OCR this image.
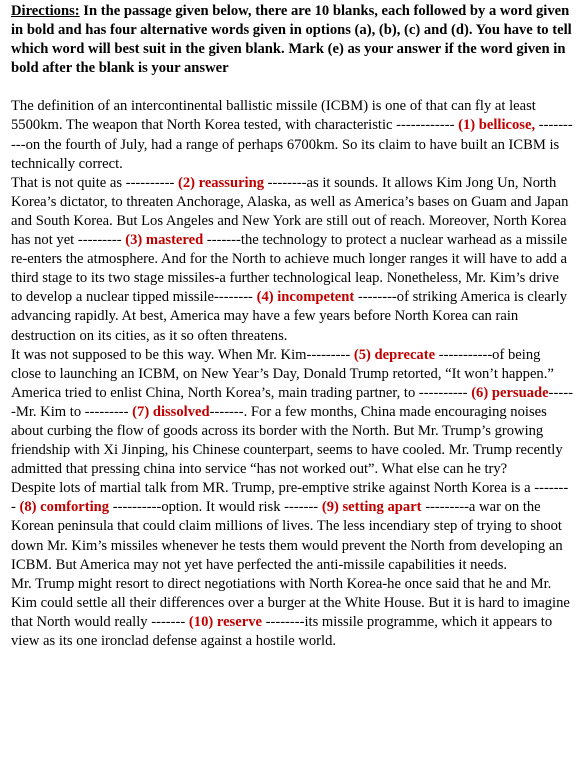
Directions: In the passage given below, there are 10 blanks, each followed by a word given in bold and has four alternative words given in options (a), (b), (c) and (d). You have to tell which word will best suit in the given blank. Mark (e) as your answer if the word given in bold after the blank is your answer

The definition of an intercontinental ballistic missile (ICBM) is one of that can fly at least 5500km. The weapon that North Korea tested, with characteristic ------------ (1) bellicose, ----------on the fourth of July, had a range of perhaps 6700km. So its claim to have built an ICBM is technically correct.

That is not quite as ---------- (2) reassuring --------as it sounds. It allows Kim Jong Un, North Korea’s dictator, to threaten Anchorage, Alaska, as well as America’s bases on Guam and Japan and South Korea. But Los Angeles and New York are still out of reach. Moreover, North Korea has not yet --------- (3) mastered -------the technology to protect a nuclear warhead as a missile re-enters the atmosphere. And for the North to achieve much longer ranges it will have to add a third stage to its two stage missiles-a further technological leap. Nonetheless, Mr. Kim’s drive to develop a nuclear tipped missile-------- (4) incompetent --------of striking America is clearly advancing rapidly. At best, America may have a few years before North Korea can rain destruction on its cities, as it so often threatens.

It was not supposed to be this way. When Mr. Kim--------- (5) deprecate -----------of being close to launching an ICBM, on New Year’s Day, Donald Trump retorted, “It won’t happen.” America tried to enlist China, North Korea’s, main trading partner, to ---------- (6) persuade------Mr. Kim to --------- (7) dissolved-------. For a few months, China made encouraging noises about curbing the flow of goods across its border with the North. But Mr. Trump’s growing friendship with Xi Jinping, his Chinese counterpart, seems to have cooled. Mr. Trump recently admitted that pressing china into service “has not worked out”. What else can he try?

Despite lots of martial talk from MR. Trump, pre-emptive strike against North Korea is a -------- (8) comforting ----------option. It would risk ------- (9) setting apart ---------a war on the Korean peninsula that could claim millions of lives. The less incendiary step of trying to shoot down Mr. Kim’s missiles whenever he tests them would prevent the North from developing an ICBM. But America may not yet have perfected the anti-missile capabilities it needs.

Mr. Trump might resort to direct negotiations with North Korea-he once said that he and Mr. Kim could settle all their differences over a burger at the White House. But it is hard to imagine that North would really ------- (10) reserve --------its missile programme, which it appears to view as its one ironclad defense against a hostile world.
